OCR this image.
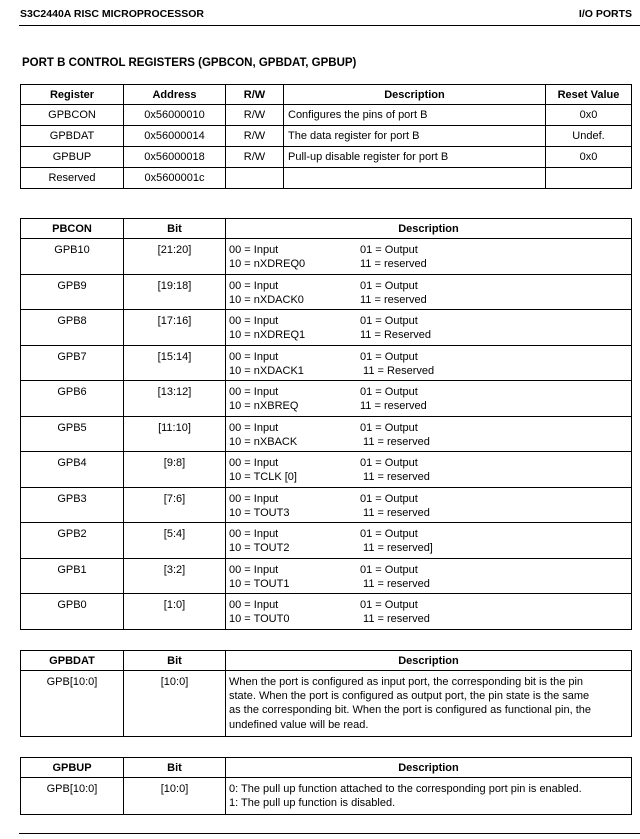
S3C2440A RISC MICROPROCESSOR	I/O PORTS
PORT B CONTROL REGISTERS (GPBCON, GPBDAT, GPBUP)
Register	Address	R/W	Description	Reset Value
GPBCON	0x56000010	R/W	Configures the pins of port B	0x0
GPBDAT	0x56000014	R/W	The data register for port B	Undef.
GPBUP	0x56000018	R/W	Pull-up disable register for port B	0x0
Reserved	0x5600001c			
PBCON	Bit	Description
GPB10	[21:20]	00 = Input 01 = Output
10 = nXDREQ0 11 = reserved

GPB9	[19:18]	00 = Input 01 = Output
10 = nXDACK0 11 = reserved

GPB8	[17:16]	00 = Input 01 = Output
10 = nXDREQ1 11 = Reserved

GPB7	[15:14]	00 = Input 01 = Output
10 = nXDACK1 11 = Reserved

GPB6	[13:12]	00 = Input 01 = Output
10 = nXBREQ 11 = reserved

GPB5	[11:10]	00 = Input 01 = Output
10 = nXBACK 11 = reserved

GPB4	[9:8]	00 = Input 01 = Output
10 = TCLK [0] 11 = reserved

GPB3	[7:6]	00 = Input 01 = Output
10 = TOUT3 11 = reserved

GPB2	[5:4]	00 = Input 01 = Output
10 = TOUT2 11 = reserved]

GPB1	[3:2]	00 = Input 01 = Output
10 = TOUT1 11 = reserved

GPB0	[1:0]	00 = Input 01 = Output
10 = TOUT0 11 = reserved
GPBDAT	Bit	Description
GPB[10:0]	[10:0]	When the port is configured as input port, the corresponding bit is the pin
state. When the port is configured as output port, the pin state is the same
as the corresponding bit. When the port is configured as functional pin, the
undefined value will be read.
GPBUP	Bit	Description
GPB[10:0]	[10:0]	0: The pull up function attached to the corresponding port pin is enabled.
1: The pull up function is disabled.
